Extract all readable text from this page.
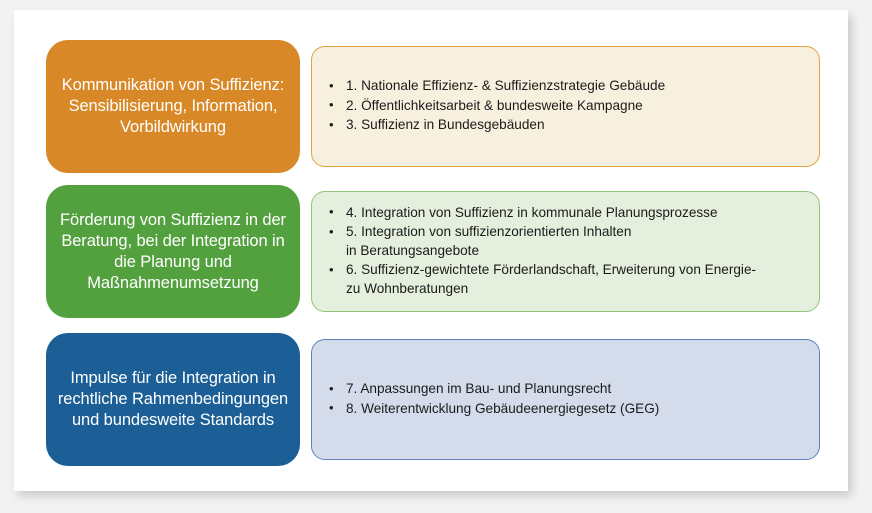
Kommunikation von Suffizienz: Sensibilisierung, Information, Vorbildwirkung
• 1. Nationale Effizienz- & Suffizienzstrategie Gebäude
• 2. Öffentlichkeitsarbeit & bundesweite Kampagne
• 3. Suffizienz in Bundesgebäuden
Förderung von Suffizienz in der Beratung, bei der Integration in die Planung und Maßnahmenumsetzung
• 4. Integration von Suffizienz in kommunale Planungsprozesse
• 5. Integration von suffizienzorientierten Inhalten
in Beratungsangebote
• 6. Suffizienz-gewichtete Förderlandschaft, Erweiterung von Energie-
zu Wohnberatungen
Impulse für die Integration in rechtliche Rahmenbedingungen und bundesweite Standards
• 7. Anpassungen im Bau- und Planungsrecht
• 8. Weiterentwicklung Gebäudeenergiegesetz (GEG)
